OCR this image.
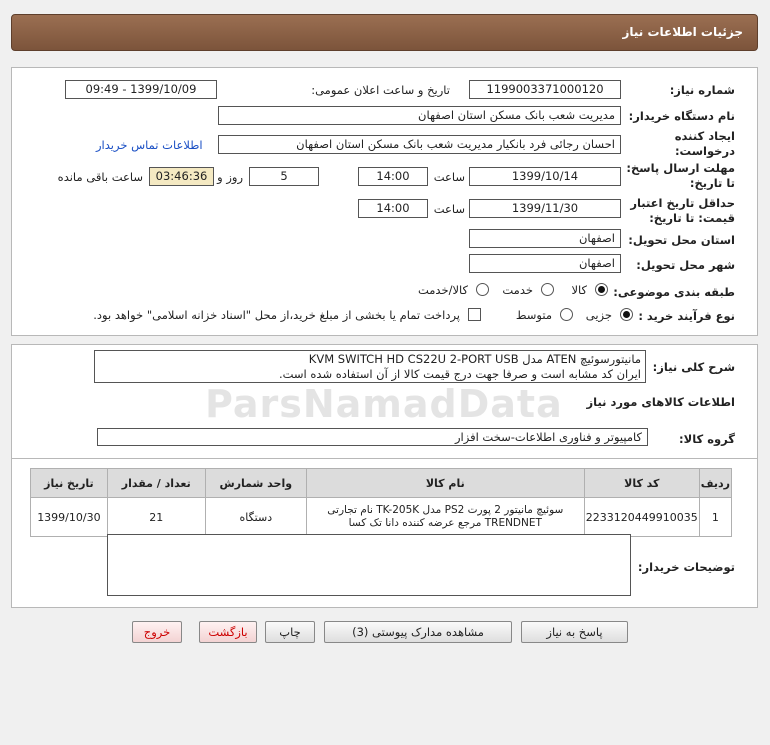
جزئیات اطلاعات نیاز
شماره نیاز:
1199003371000120
تاریخ و ساعت اعلان عمومی:
1399/10/09 - 09:49
نام دستگاه خریدار:
مدیریت شعب بانک مسکن استان اصفهان
ایجاد کننده
درخواست:
احسان رجائی فرد بانکیار مدیریت شعب بانک مسکن استان اصفهان
اطلاعات تماس خریدار
مهلت ارسال پاسخ:
تا تاریخ:
1399/10/14
ساعت
14:00
5
روز و
03:46:36
ساعت باقی مانده
حداقل تاریخ اعتبار
قیمت: تا تاریخ:
1399/11/30
ساعت
14:00
استان محل تحویل:
اصفهان
شهر محل تحویل:
اصفهان
طبقه بندی موضوعی:
کالا
خدمت
کالا/خدمت
نوع فرآیند خرید :
جزیی
متوسط
پرداخت تمام یا بخشی از مبلغ خرید،از محل "اسناد خزانه اسلامی" خواهد بود.
شرح کلی نیاز:
مانیتورسوئیچ ATEN مدل KVM SWITCH HD CS22U 2-PORT USB
ایران کد مشابه است و صرفا جهت درج قیمت کالا از آن استفاده شده است.
ParsNamadData اطلاعات کالاهای مورد نیاز
گروه کالا:
کامپیوتر و فناوری اطلاعات-سخت افزار
ردیف	کد کالا	نام کالا	واحد شمارش	تعداد / مقدار	تاریخ نیاز
1	2233120449910035	سوئیچ مانیتور 2 پورت PS2 مدل TK-205K نام تجارتی
TRENDNET مرجع عرضه کننده دانا تک کسا	دستگاه	21	1399/10/30
توضیحات خریدار:
پاسخ به نیاز
مشاهده مدارک پیوستی (3)
چاپ
بازگشت
خروج
